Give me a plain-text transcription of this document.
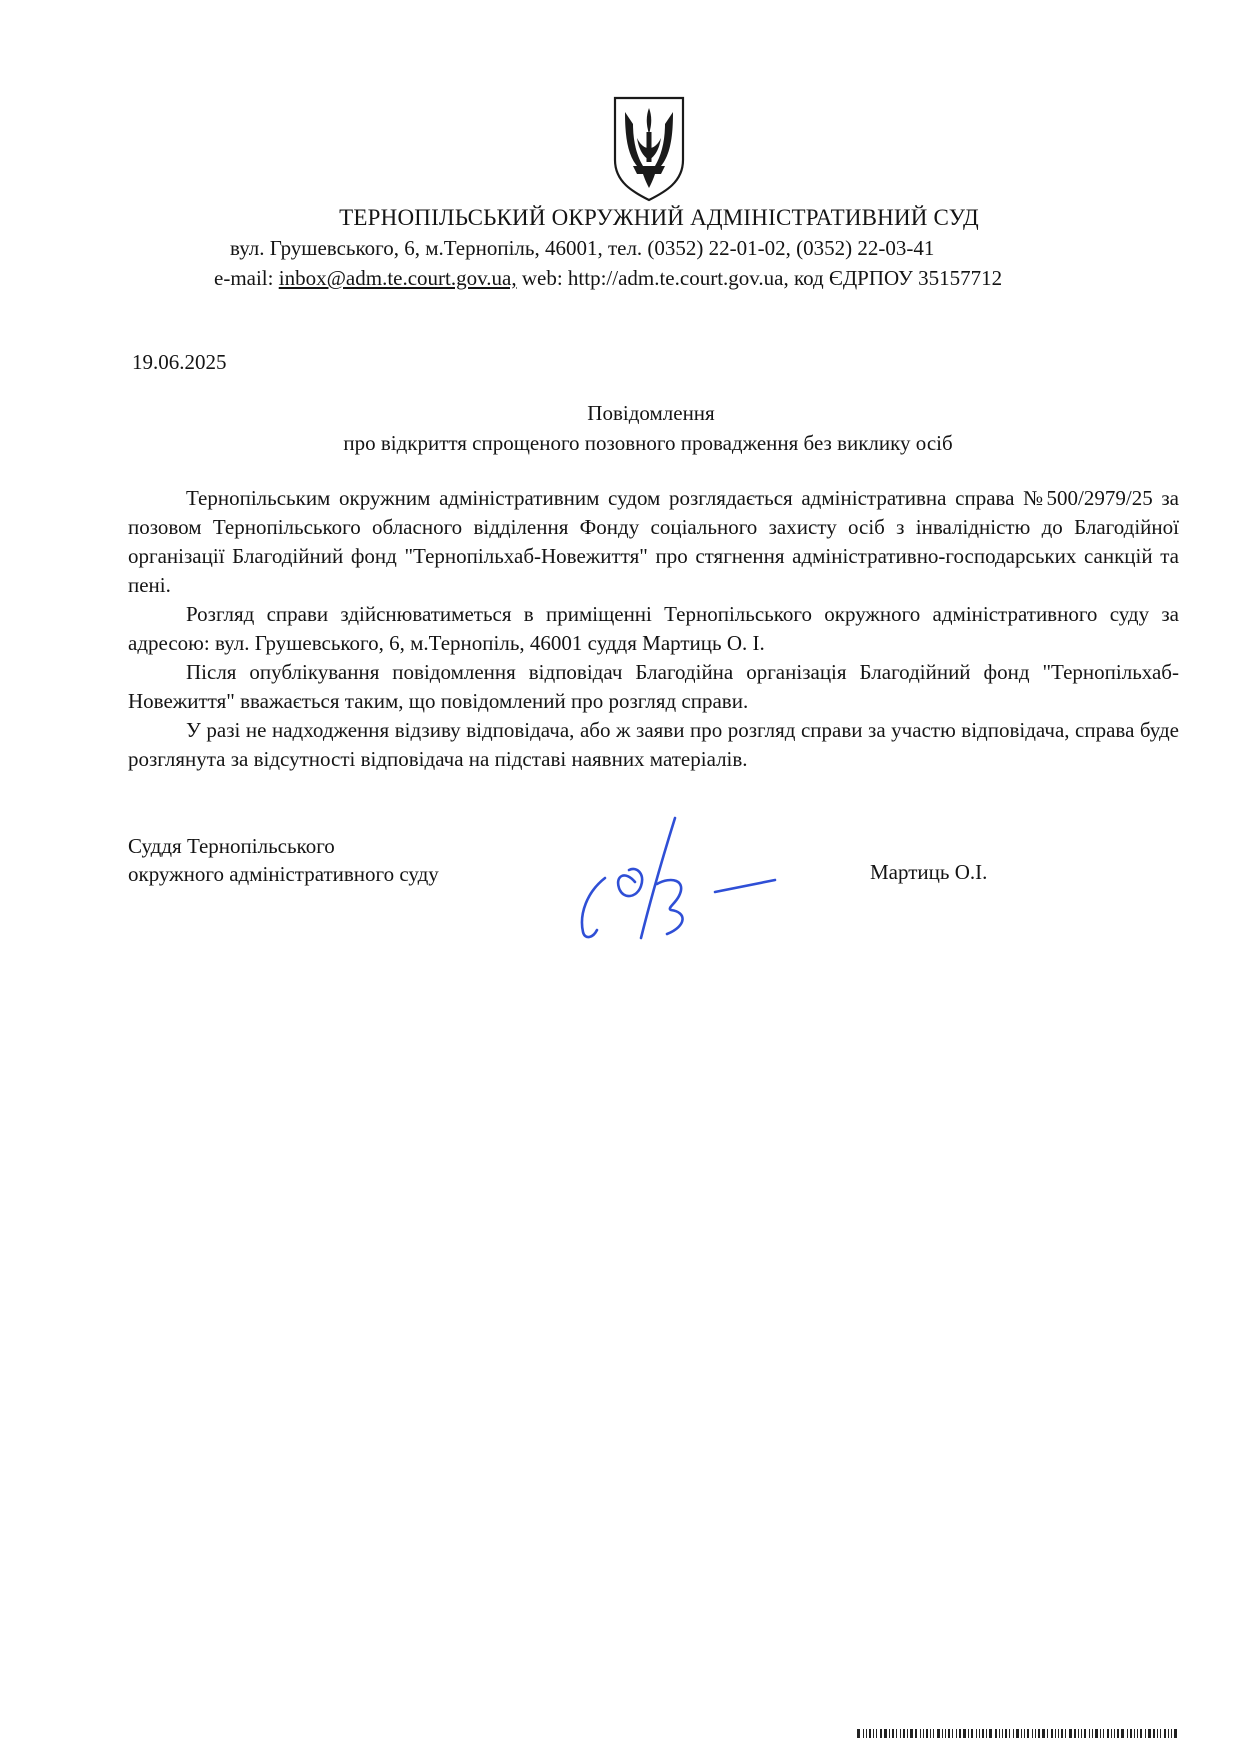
ТЕРНОПІЛЬСЬКИЙ ОКРУЖНИЙ АДМІНІСТРАТИВНИЙ СУД
вул. Грушевського, 6, м.Тернопіль, 46001, тел. (0352) 22-01-02, (0352) 22-03-41
e-mail: inbox@adm.te.court.gov.ua, web: http://adm.te.court.gov.ua, код ЄДРПОУ 35157712
19.06.2025
Повідомлення
про відкриття спрощеного позовного провадження без виклику осіб

Тернопільським окружним адміністративним судом розглядається адміністративна справа №500/2979/25 за позовом Тернопільського обласного відділення Фонду соціального захисту осіб з інвалідністю до Благодійної організації Благодійний фонд "Тернопільхаб-Новежиття" про стягнення адміністративно-господарських санкцій та пені.

Розгляд справи здійснюватиметься в приміщенні Тернопільського окружного адміністративного суду за адресою: вул. Грушевського, 6, м.Тернопіль, 46001 суддя Мартиць О. І.

Після опублікування повідомлення відповідач Благодійна організація Благодійний фонд "Тернопільхаб-Новежиття" вважається таким, що повідомлений про розгляд справи.

У разі не надходження відзиву відповідача, або ж заяви про розгляд справи за участю відповідача, справа буде розглянута за відсутності відповідача на підставі наявних матеріалів.

Суддя Тернопільського
окружного адміністративного суду	Мартиць О.І.
